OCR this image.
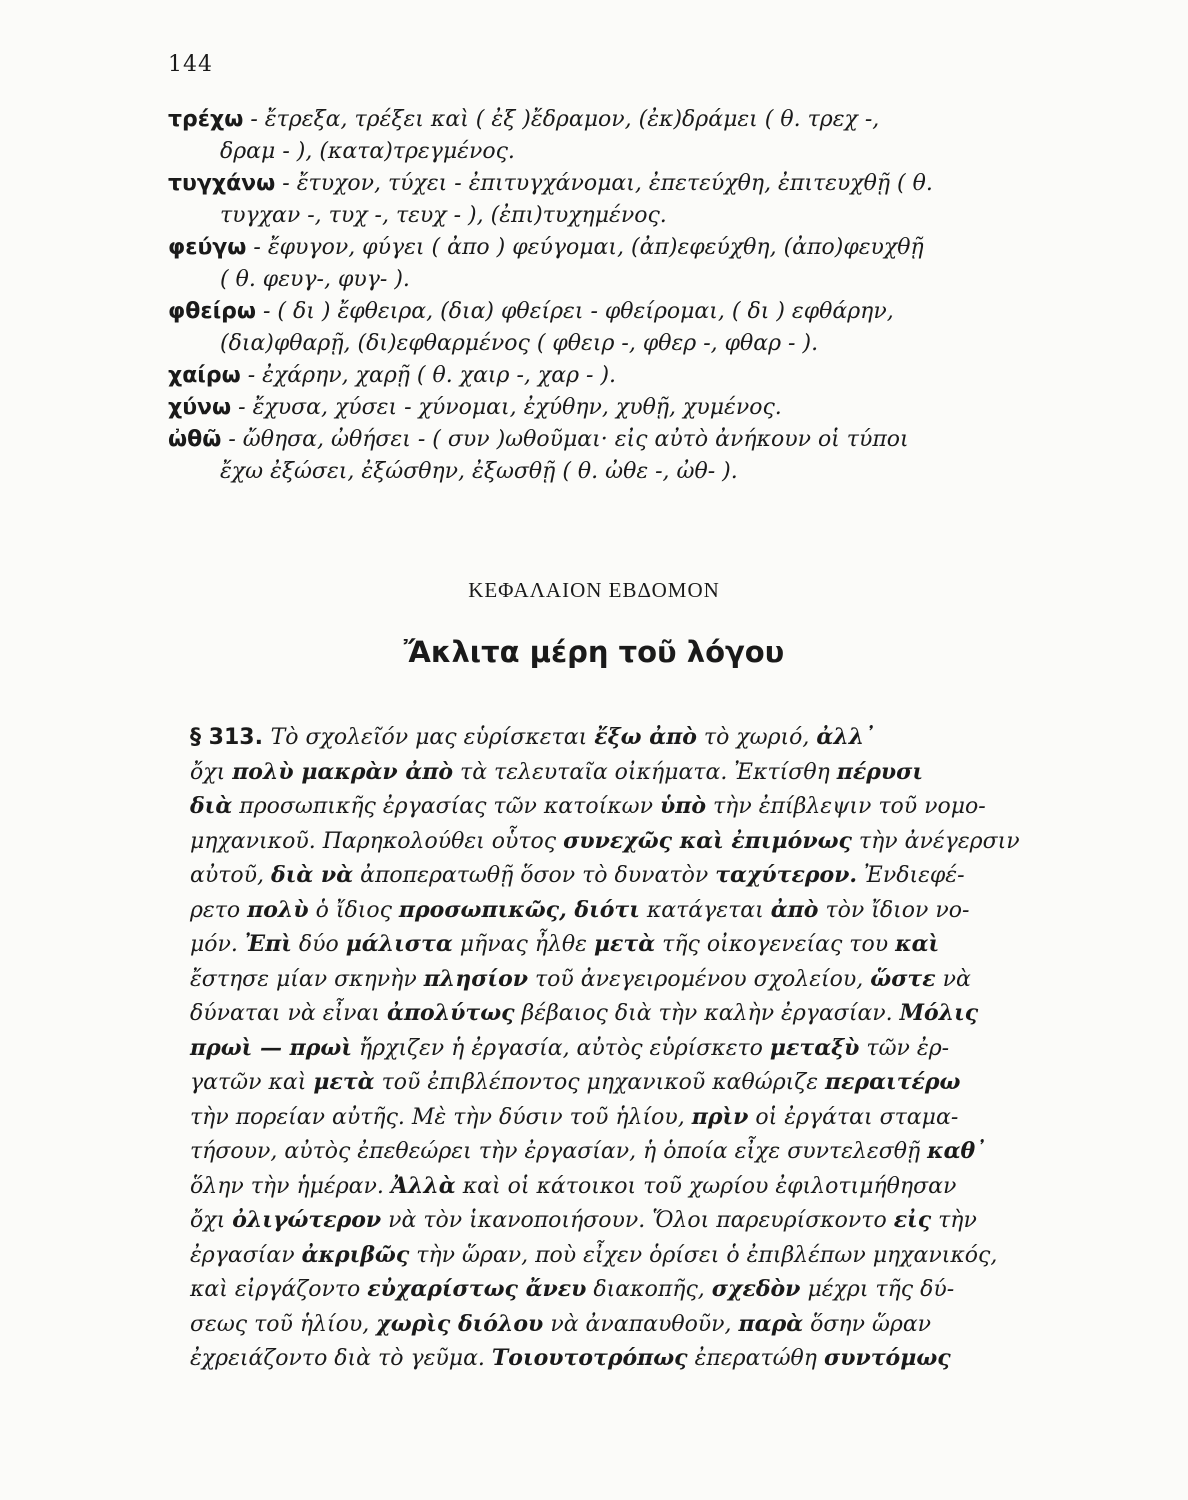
144
τρέχω - ἔτρεξα, τρέξει καὶ ( ἐξ )ἔδραμον, (ἐκ)δράμει ( θ. τρεχ -,
δραμ - ), (κατα)τρεγμένος.
τυγχάνω - ἔτυχον, τύχει - ἐπιτυγχάνομαι, ἐπετεύχθη, ἐπιτευχθῇ ( θ.
τυγχαν -, τυχ -, τευχ - ), (ἐπι)τυχημένος.
φεύγω - ἔφυγον, φύγει ( ἀπο ) φεύγομαι, (ἀπ)εφεύχθη, (ἀπο)φευχθῇ
( θ. φευγ-, φυγ- ).
φθείρω - ( δι ) ἔφθειρα, (δια) φθείρει - φθείρομαι, ( δι ) εφθάρην,
(δια)φθαρῇ, (δι)εφθαρμένος ( φθειρ -, φθερ -, φθαρ - ).
χαίρω - ἐχάρην, χαρῇ ( θ. χαιρ -, χαρ - ).
χύνω - ἔχυσα, χύσει - χύνομαι, ἐχύθην, χυθῇ, χυμένος.
ὠθῶ - ὤθησα, ὠθήσει - ( συν )ωθοῦμαι· εἰς αὐτὸ ἀνήκουν οἱ τύποι
ἔχω ἐξώσει, ἐξώσθην, ἐξωσθῇ ( θ. ὠθε -, ὠθ- ).
ΚΕΦΑΛΑΙΟΝ ΕΒΔΟΜΟΝ
Ἄκλιτα μέρη τοῦ λόγου
§ 313. Τὸ σχολεῖόν μας εὑρίσκεται ἔξω ἀπὸ τὸ χωριό, ἀλλ᾽
ὄχι πολὺ μακρὰν ἀπὸ τὰ τελευταῖα οἰκήματα. Ἐκτίσθη πέρυσι
διὰ προσωπικῆς ἐργασίας τῶν κατοίκων ὑπὸ τὴν ἐπίβλεψιν τοῦ νομο-
μηχανικοῦ. Παρηκολούθει οὗτος συνεχῶς καὶ ἐπιμόνως τὴν ἀνέγερσιν
αὐτοῦ, διὰ νὰ ἀποπερατωθῇ ὅσον τὸ δυνατὸν ταχύτερον. Ἐνδιεφέ-
ρετο πολὺ ὁ ἴδιος προσωπικῶς, διότι κατάγεται ἀπὸ τὸν ἴδιον νο-
μόν. Ἐπὶ δύο μάλιστα μῆνας ἦλθε μετὰ τῆς οἰκογενείας του καὶ
ἔστησε μίαν σκηνὴν πλησίον τοῦ ἀνεγειρομένου σχολείου, ὥστε νὰ
δύναται νὰ εἶναι ἀπολύτως βέβαιος διὰ τὴν καλὴν ἐργασίαν. Μόλις
πρωὶ — πρωὶ ἤρχιζεν ἡ ἐργασία, αὐτὸς εὑρίσκετο μεταξὺ τῶν ἐρ-
γατῶν καὶ μετὰ τοῦ ἐπιβλέποντος μηχανικοῦ καθώριζε περαιτέρω
τὴν πορείαν αὐτῆς. Μὲ τὴν δύσιν τοῦ ἡλίου, πρὶν οἱ ἐργάται σταμα-
τήσουν, αὐτὸς ἐπεθεώρει τὴν ἐργασίαν, ἡ ὁποία εἶχε συντελεσθῇ καθ᾽
ὅλην τὴν ἡμέραν. Ἀλλὰ καὶ οἱ κάτοικοι τοῦ χωρίου ἐφιλοτιμήθησαν
ὄχι ὀλιγώτερον νὰ τὸν ἱκανοποιήσουν. Ὅλοι παρευρίσκοντο εἰς τὴν
ἐργασίαν ἀκριβῶς τὴν ὥραν, ποὺ εἶχεν ὁρίσει ὁ ἐπιβλέπων μηχανικός,
καὶ εἰργάζοντο εὐχαρίστως ἄνευ διακοπῆς, σχεδὸν μέχρι τῆς δύ-
σεως τοῦ ἡλίου, χωρὶς διόλου νὰ ἀναπαυθοῦν, παρὰ ὅσην ὥραν
ἐχρειάζοντο διὰ τὸ γεῦμα. Τοιουτοτρόπως ἐπερατώθη συντόμως
